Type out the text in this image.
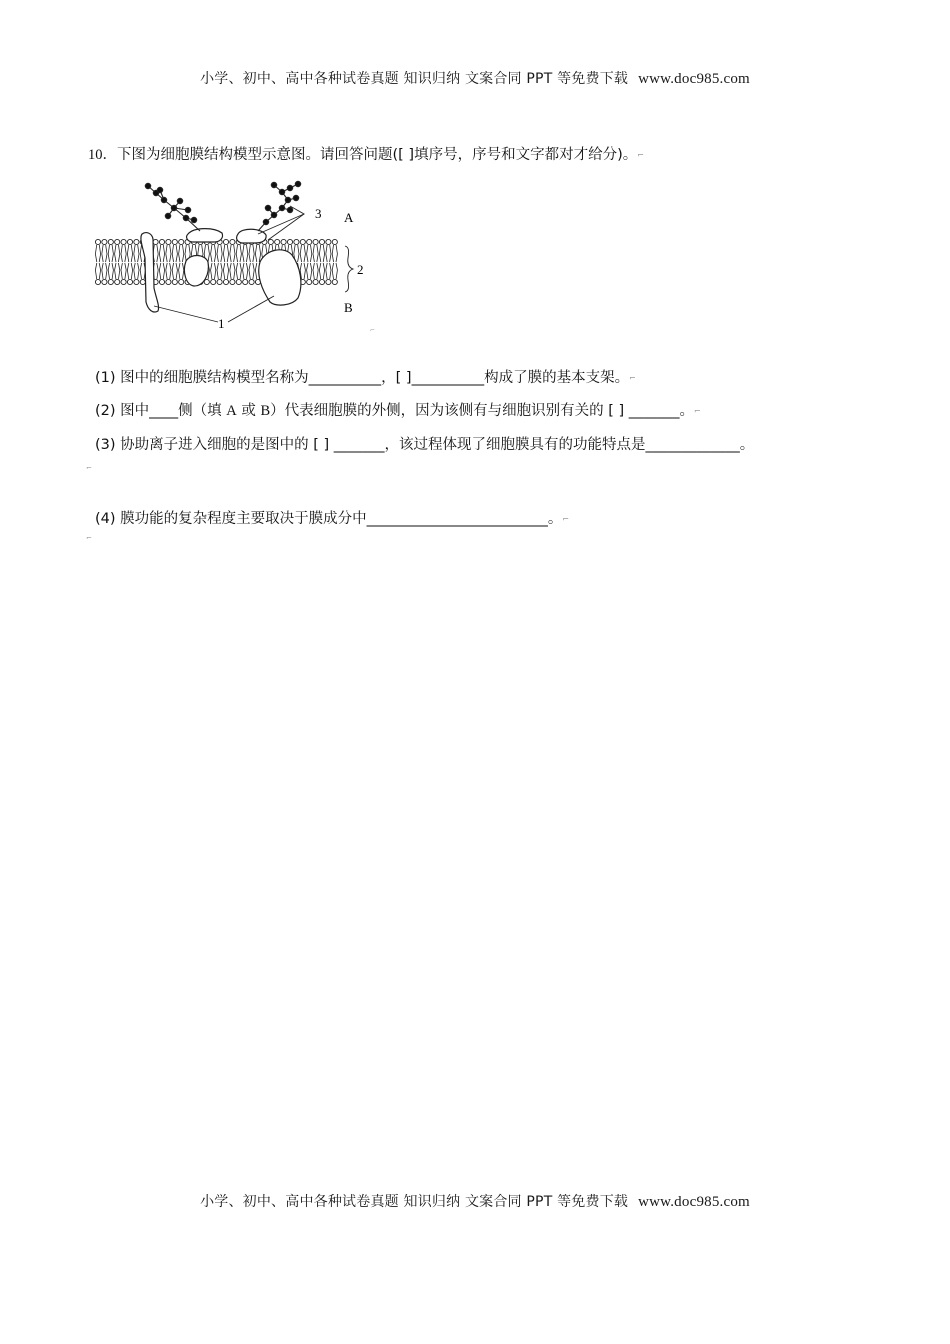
小学、初中、高中各种试卷真题 知识归纳 文案合同 PPT 等免费下载 www.doc985.com
10．下图为细胞膜结构模型示意图。请回答问题([ ]填序号，序号和文字都对才给分)。⌐
3 A
2
B
1	⌐
(1) 图中的细胞膜结构模型名称为__________，[ ]__________构成了膜的基本支架。⌐
(2) 图中____侧（填 A 或 B）代表细胞膜的外侧，因为该侧有与细胞识别有关的 [ ] _______。⌐
(3) 协助离子进入细胞的是图中的 [ ] _______，该过程体现了细胞膜具有的功能特点是_____________。
⌐
(4) 膜功能的复杂程度主要取决于膜成分中_________________________。⌐
⌐
小学、初中、高中各种试卷真题 知识归纳 文案合同 PPT 等免费下载 www.doc985.com
